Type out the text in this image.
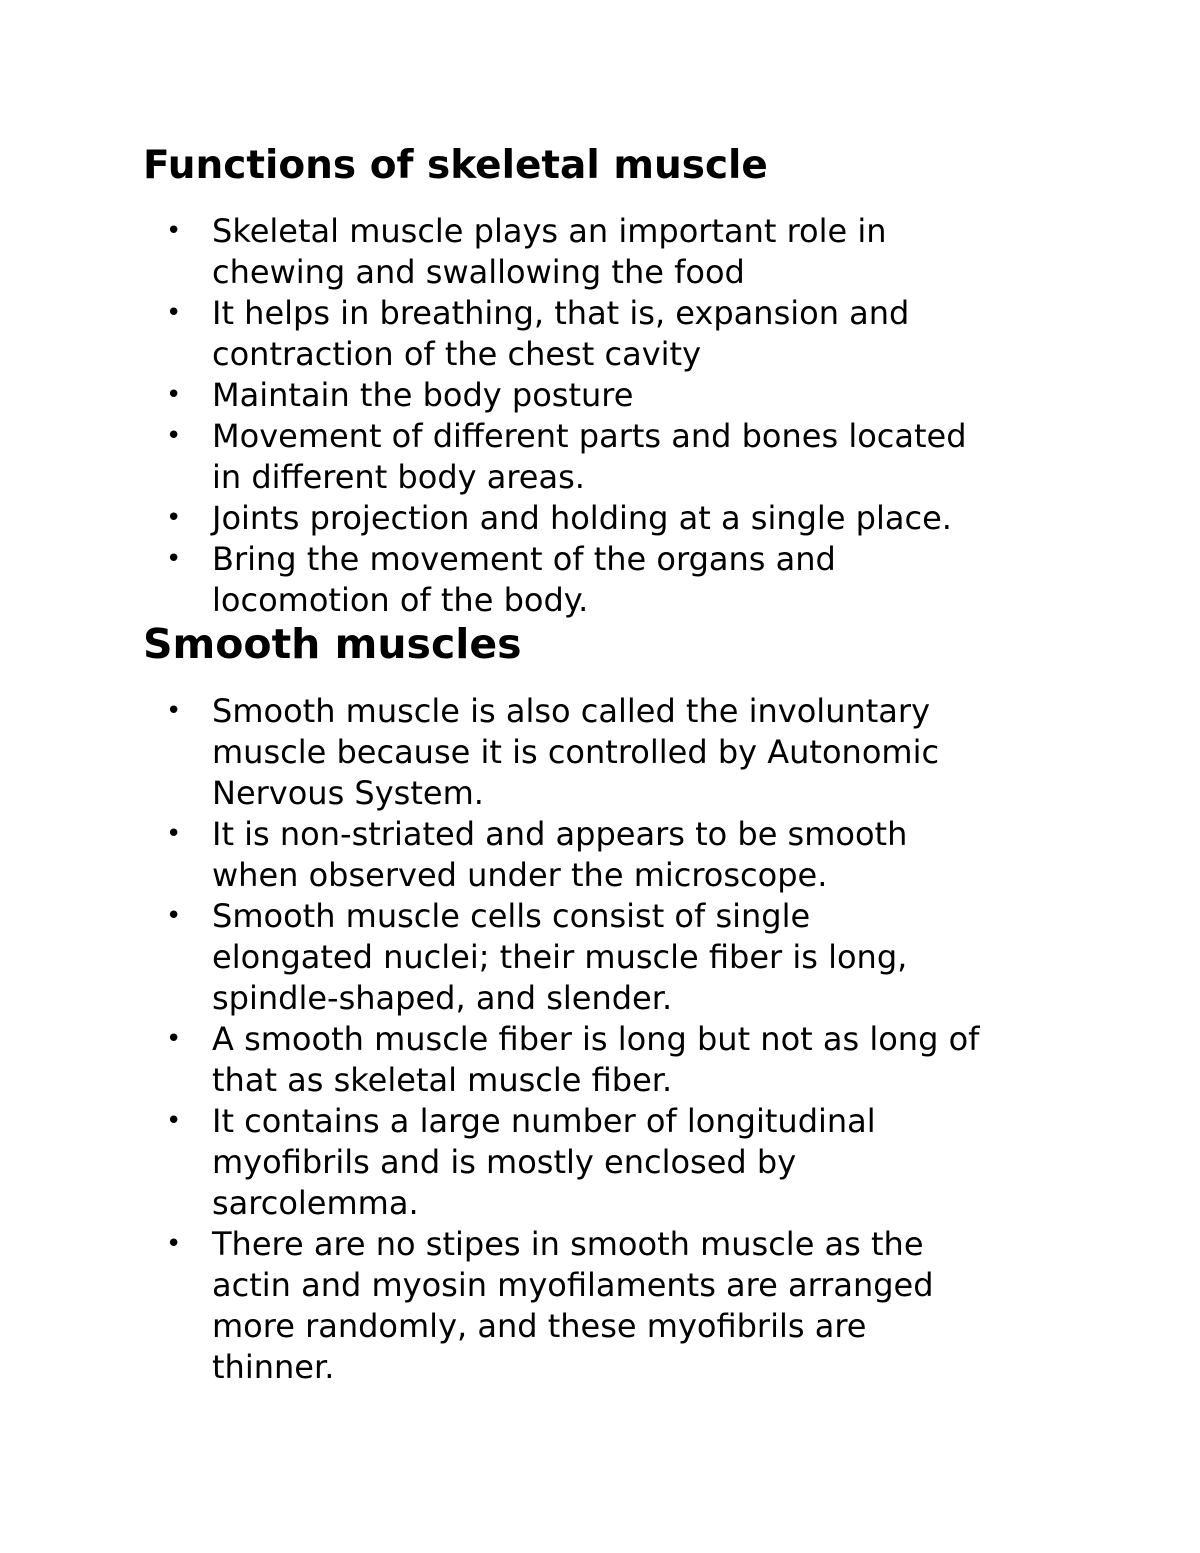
Functions of skeletal muscle
• Skeletal muscle plays an important role in
chewing and swallowing the food
• It helps in breathing, that is, expansion and
contraction of the chest cavity
• Maintain the body posture
• Movement of different parts and bones located
in different body areas.
• Joints projection and holding at a single place.
• Bring the movement of the organs and
locomotion of the body.
Smooth muscles
• Smooth muscle is also called the involuntary
muscle because it is controlled by Autonomic
Nervous System.
• It is non-striated and appears to be smooth
when observed under the microscope.
• Smooth muscle cells consist of single
elongated nuclei; their muscle fiber is long,
spindle-shaped, and slender.
• A smooth muscle fiber is long but not as long of
that as skeletal muscle fiber.
• It contains a large number of longitudinal
myofibrils and is mostly enclosed by
sarcolemma.
• There are no stipes in smooth muscle as the
actin and myosin myofilaments are arranged
more randomly, and these myofibrils are
thinner.
